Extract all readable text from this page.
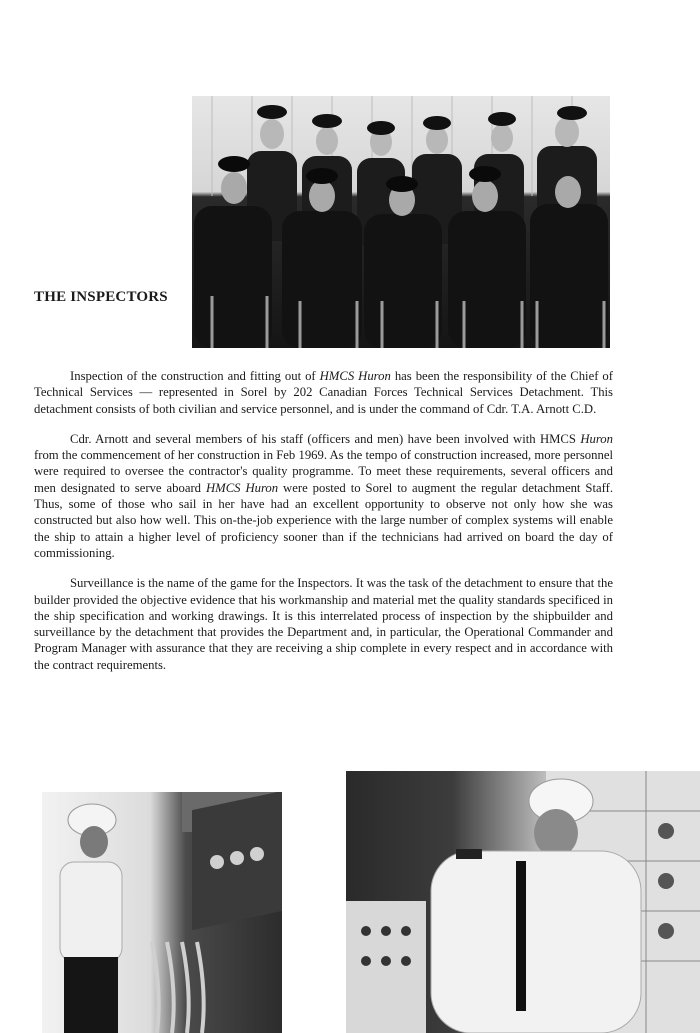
THE INSPECTORS

Inspection of the construction and fitting out of HMCS Huron has been the responsibility of the Chief of Technical Services — represented in Sorel by 202 Canadian Forces Technical Services Detachment. This detachment consists of both civilian and service personnel, and is under the command of Cdr. T.A. Arnott C.D.

Cdr. Arnott and several members of his staff (officers and men) have been involved with HMCS Huron from the commencement of her construction in Feb 1969. As the tempo of construction increased, more personnel were required to oversee the contractor's quality programme. To meet these requirements, several officers and men designated to serve aboard HMCS Huron were posted to Sorel to augment the regular detachment Staff. Thus, some of those who sail in her have had an excellent opportunity to observe not only how she was constructed but also how well. This on-the-job experience with the large number of complex systems will enable the ship to attain a higher level of proficiency sooner than if the technicians had arrived on board the day of commissioning.

Surveillance is the name of the game for the Inspectors. It was the task of the detachment to ensure that the builder provided the objective evidence that his workmanship and material met the quality standards specificed in the ship specification and working drawings. It is this interrelated process of inspection by the shipbuilder and surveillance by the detachment that provides the Department and, in particular, the Operational Commander and Program Manager with assurance that they are receiving a ship complete in every respect and in accordance with the contract requirements.
